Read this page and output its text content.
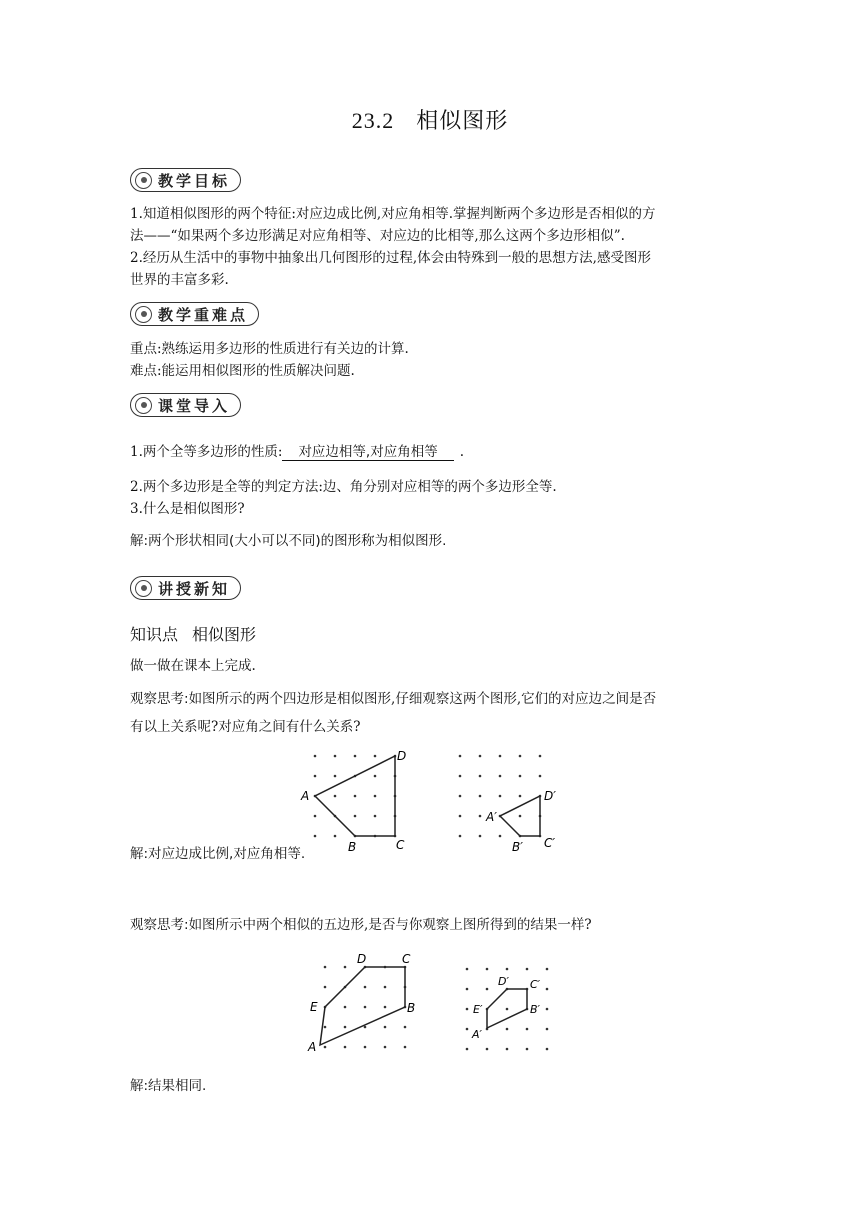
23.2 相似图形
教学目标
1.知道相似图形的两个特征:对应边成比例,对应角相等.掌握判断两个多边形是否相似的方
法——“如果两个多边形满足对应角相等、对应边的比相等,那么这两个多边形相似”.
2.经历从生活中的事物中抽象出几何图形的过程,体会由特殊到一般的思想方法,感受图形
世界的丰富多彩.
教学重难点
重点:熟练运用多边形的性质进行有关边的计算.
难点:能运用相似图形的性质解决问题.
课堂导入
1.两个全等多边形的性质: 对应边相等,对应角相等 .
2.两个多边形是全等的判定方法:边、角分别对应相等的两个多边形全等.
3.什么是相似图形?
解:两个形状相同(大小可以不同)的图形称为相似图形.
讲授新知
知识点 相似图形
做一做在课本上完成.
观察思考:如图所示的两个四边形是相似图形,仔细观察这两个图形,它们的对应边之间是否
有以上关系呢?对应角之间有什么关系?
A
B	C
D
A′
B′ C′
D′
解:对应边成比例,对应角相等.
观察思考:如图所示中两个相似的五边形,是否与你观察上图所得到的结果一样?
A
B
C
D
E
A′
B′
C′
D′
E′
解:结果相同.
